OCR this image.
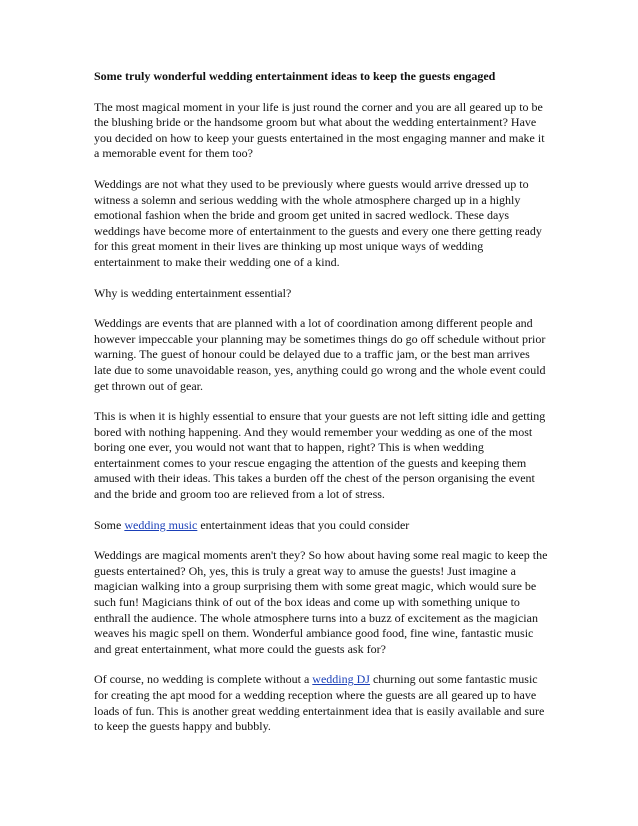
Some truly wonderful wedding entertainment ideas to keep the guests engaged

The most magical moment in your life is just round the corner and you are all geared up to be the blushing bride or the handsome groom but what about the wedding entertainment? Have you decided on how to keep your guests entertained in the most engaging manner and make it a memorable event for them too?

Weddings are not what they used to be previously where guests would arrive dressed up to witness a solemn and serious wedding with the whole atmosphere charged up in a highly emotional fashion when the bride and groom get united in sacred wedlock. These days weddings have become more of entertainment to the guests and every one there getting ready for this great moment in their lives are thinking up most unique ways of wedding entertainment to make their wedding one of a kind.

Why is wedding entertainment essential?

Weddings are events that are planned with a lot of coordination among different people and however impeccable your planning may be sometimes things do go off schedule without prior warning. The guest of honour could be delayed due to a traffic jam, or the best man arrives late due to some unavoidable reason, yes, anything could go wrong and the whole event could get thrown out of gear.

This is when it is highly essential to ensure that your guests are not left sitting idle and getting bored with nothing happening. And they would remember your wedding as one of the most boring one ever, you would not want that to happen, right? This is when wedding entertainment comes to your rescue engaging the attention of the guests and keeping them amused with their ideas. This takes a burden off the chest of the person organising the event and the bride and groom too are relieved from a lot of stress.

Some wedding music entertainment ideas that you could consider

Weddings are magical moments aren't they? So how about having some real magic to keep the guests entertained? Oh, yes, this is truly a great way to amuse the guests! Just imagine a magician walking into a group surprising them with some great magic, which would sure be such fun! Magicians think of out of the box ideas and come up with something unique to enthrall the audience. The whole atmosphere turns into a buzz of excitement as the magician weaves his magic spell on them. Wonderful ambiance good food, fine wine, fantastic music and great entertainment, what more could the guests ask for?

Of course, no wedding is complete without a wedding DJ churning out some fantastic music for creating the apt mood for a wedding reception where the guests are all geared up to have loads of fun. This is another great wedding entertainment idea that is easily available and sure to keep the guests happy and bubbly.
